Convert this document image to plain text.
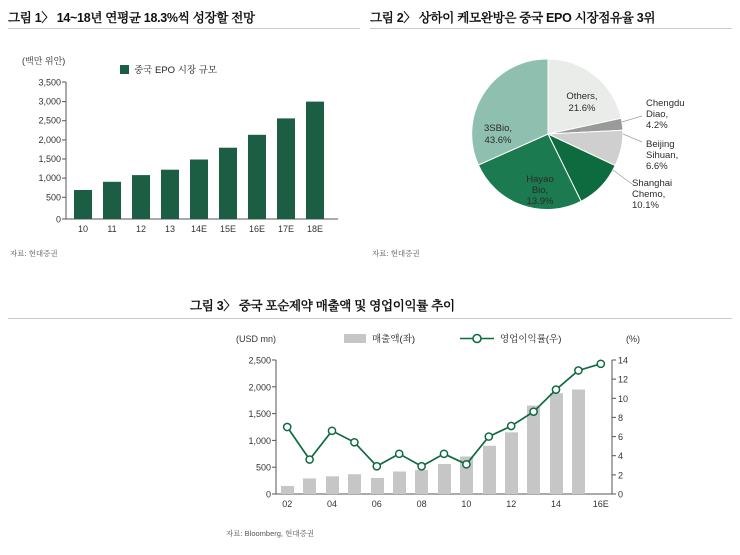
그림 1〉 14~18년 연평균 18.3%씩 성장할 전망
(백만 위안)
중국 EPO 시장 규모
3,500
3,000
2,500
2,000
1,500
1,000
500
0
10 11 12 13 14E 15E 16E 17E 18E
자료: 현대증권
그림 2〉 상하이 케모완방은 중국 EPO 시장점유율 3위
3SBio,
43.6%
Hayao
Bio,
13.9%
Others,
21.6%	Chengdu
Diao,
4.2%
Beijing
Sihuan,
6.6%
Shanghai
Chemo,
10.1%
자료: 현대증권
그림 3〉 중국 포순제약 매출액 및 영업이익률 추이
(USD mn)	(%)
매출액(좌)	영업이익률(우)
2,500
2,000
1,500
1,000
500
0
14
12
10
8
6
4
2
0
02	04	06	08	10	12	14	16E
자료: Bloomberg, 현대증권
